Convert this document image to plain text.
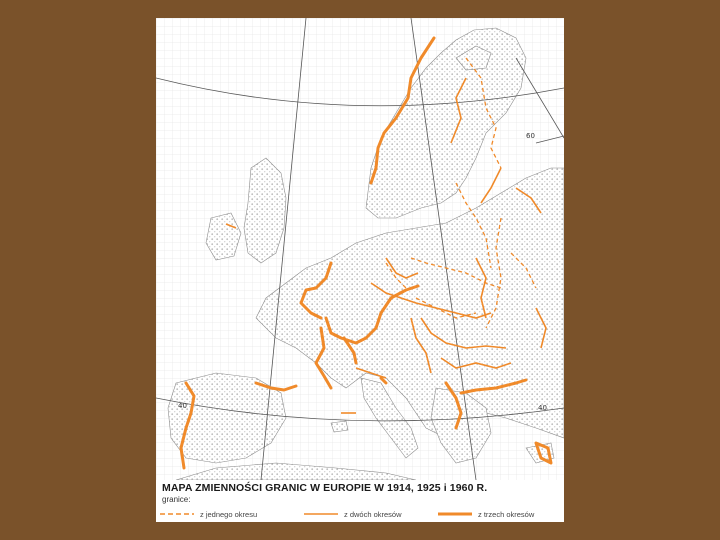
60
40
40
MAPA ZMIENNOŚCI GRANIC W EUROPIE W 1914, 1925 i 1960 R.
granice:
z jednego okresu	z dwóch okresów	z trzech okresów
